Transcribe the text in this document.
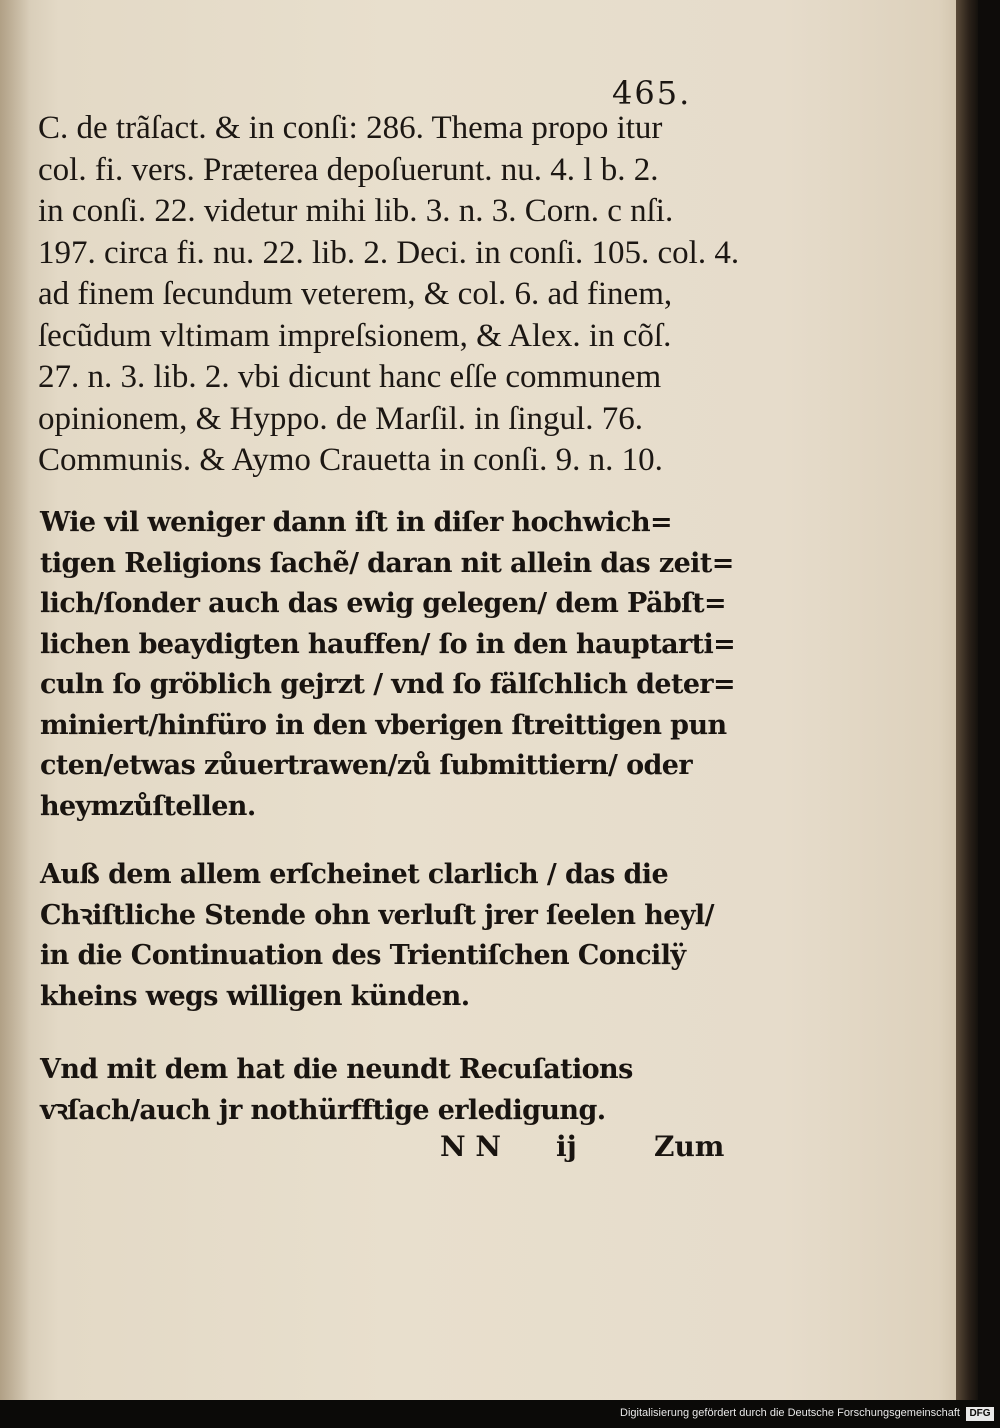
465.
C. de trãſact. & in conſi: 286. Thema propo itur
col. fi. vers. Præterea depoſuerunt. nu. 4. l b. 2.
in conſi. 22. videtur mihi lib. 3. n. 3. Corn. c nſi.
197. circa fi. nu. 22. lib. 2. Deci. in conſi. 105. col. 4.
ad finem ſecundum veterem, & col. 6. ad finem,
ſecũdum vltimam impreſsionem, & Alex. in cõſ.
27. n. 3. lib. 2. vbi dicunt hanc eſſe communem
opinionem, & Hyppo. de Marſil. in ſingul. 76.
Communis. & Aymo Crauetta in conſi. 9. n. 10.
Wie vil weniger dann iſt in diſer hochwich=
tigen Religions ſachẽ/ daran nit allein das zeit=
lich/ſonder auch das ewig gelegen/ dem Päbſt=
lichen beaydigten hauffen/ ſo in den hauptarti=
culn ſo gröblich gejrzt / vnd ſo fälſchlich deter=
miniert/hinfüro in den vberigen ſtreittigen pun
cten/etwas zůuertrawen/zů ſubmittiern/ oder
heymzůſtellen.
Auß dem allem erſcheinet clarlich / das die
Chꝛiſtliche Stende ohn verluſt jrer ſeelen heyl/
in die Continuation des Trientiſchen Concilÿ
kheins wegs willigen künden.
Vnd mit dem hat die neundt Recuſations
vꝛſach/auch jr nothürfftige erledigung.
N N ij	Zum
Digitalisierung gefördert durch die Deutsche Forschungsgemeinschaft DFG
